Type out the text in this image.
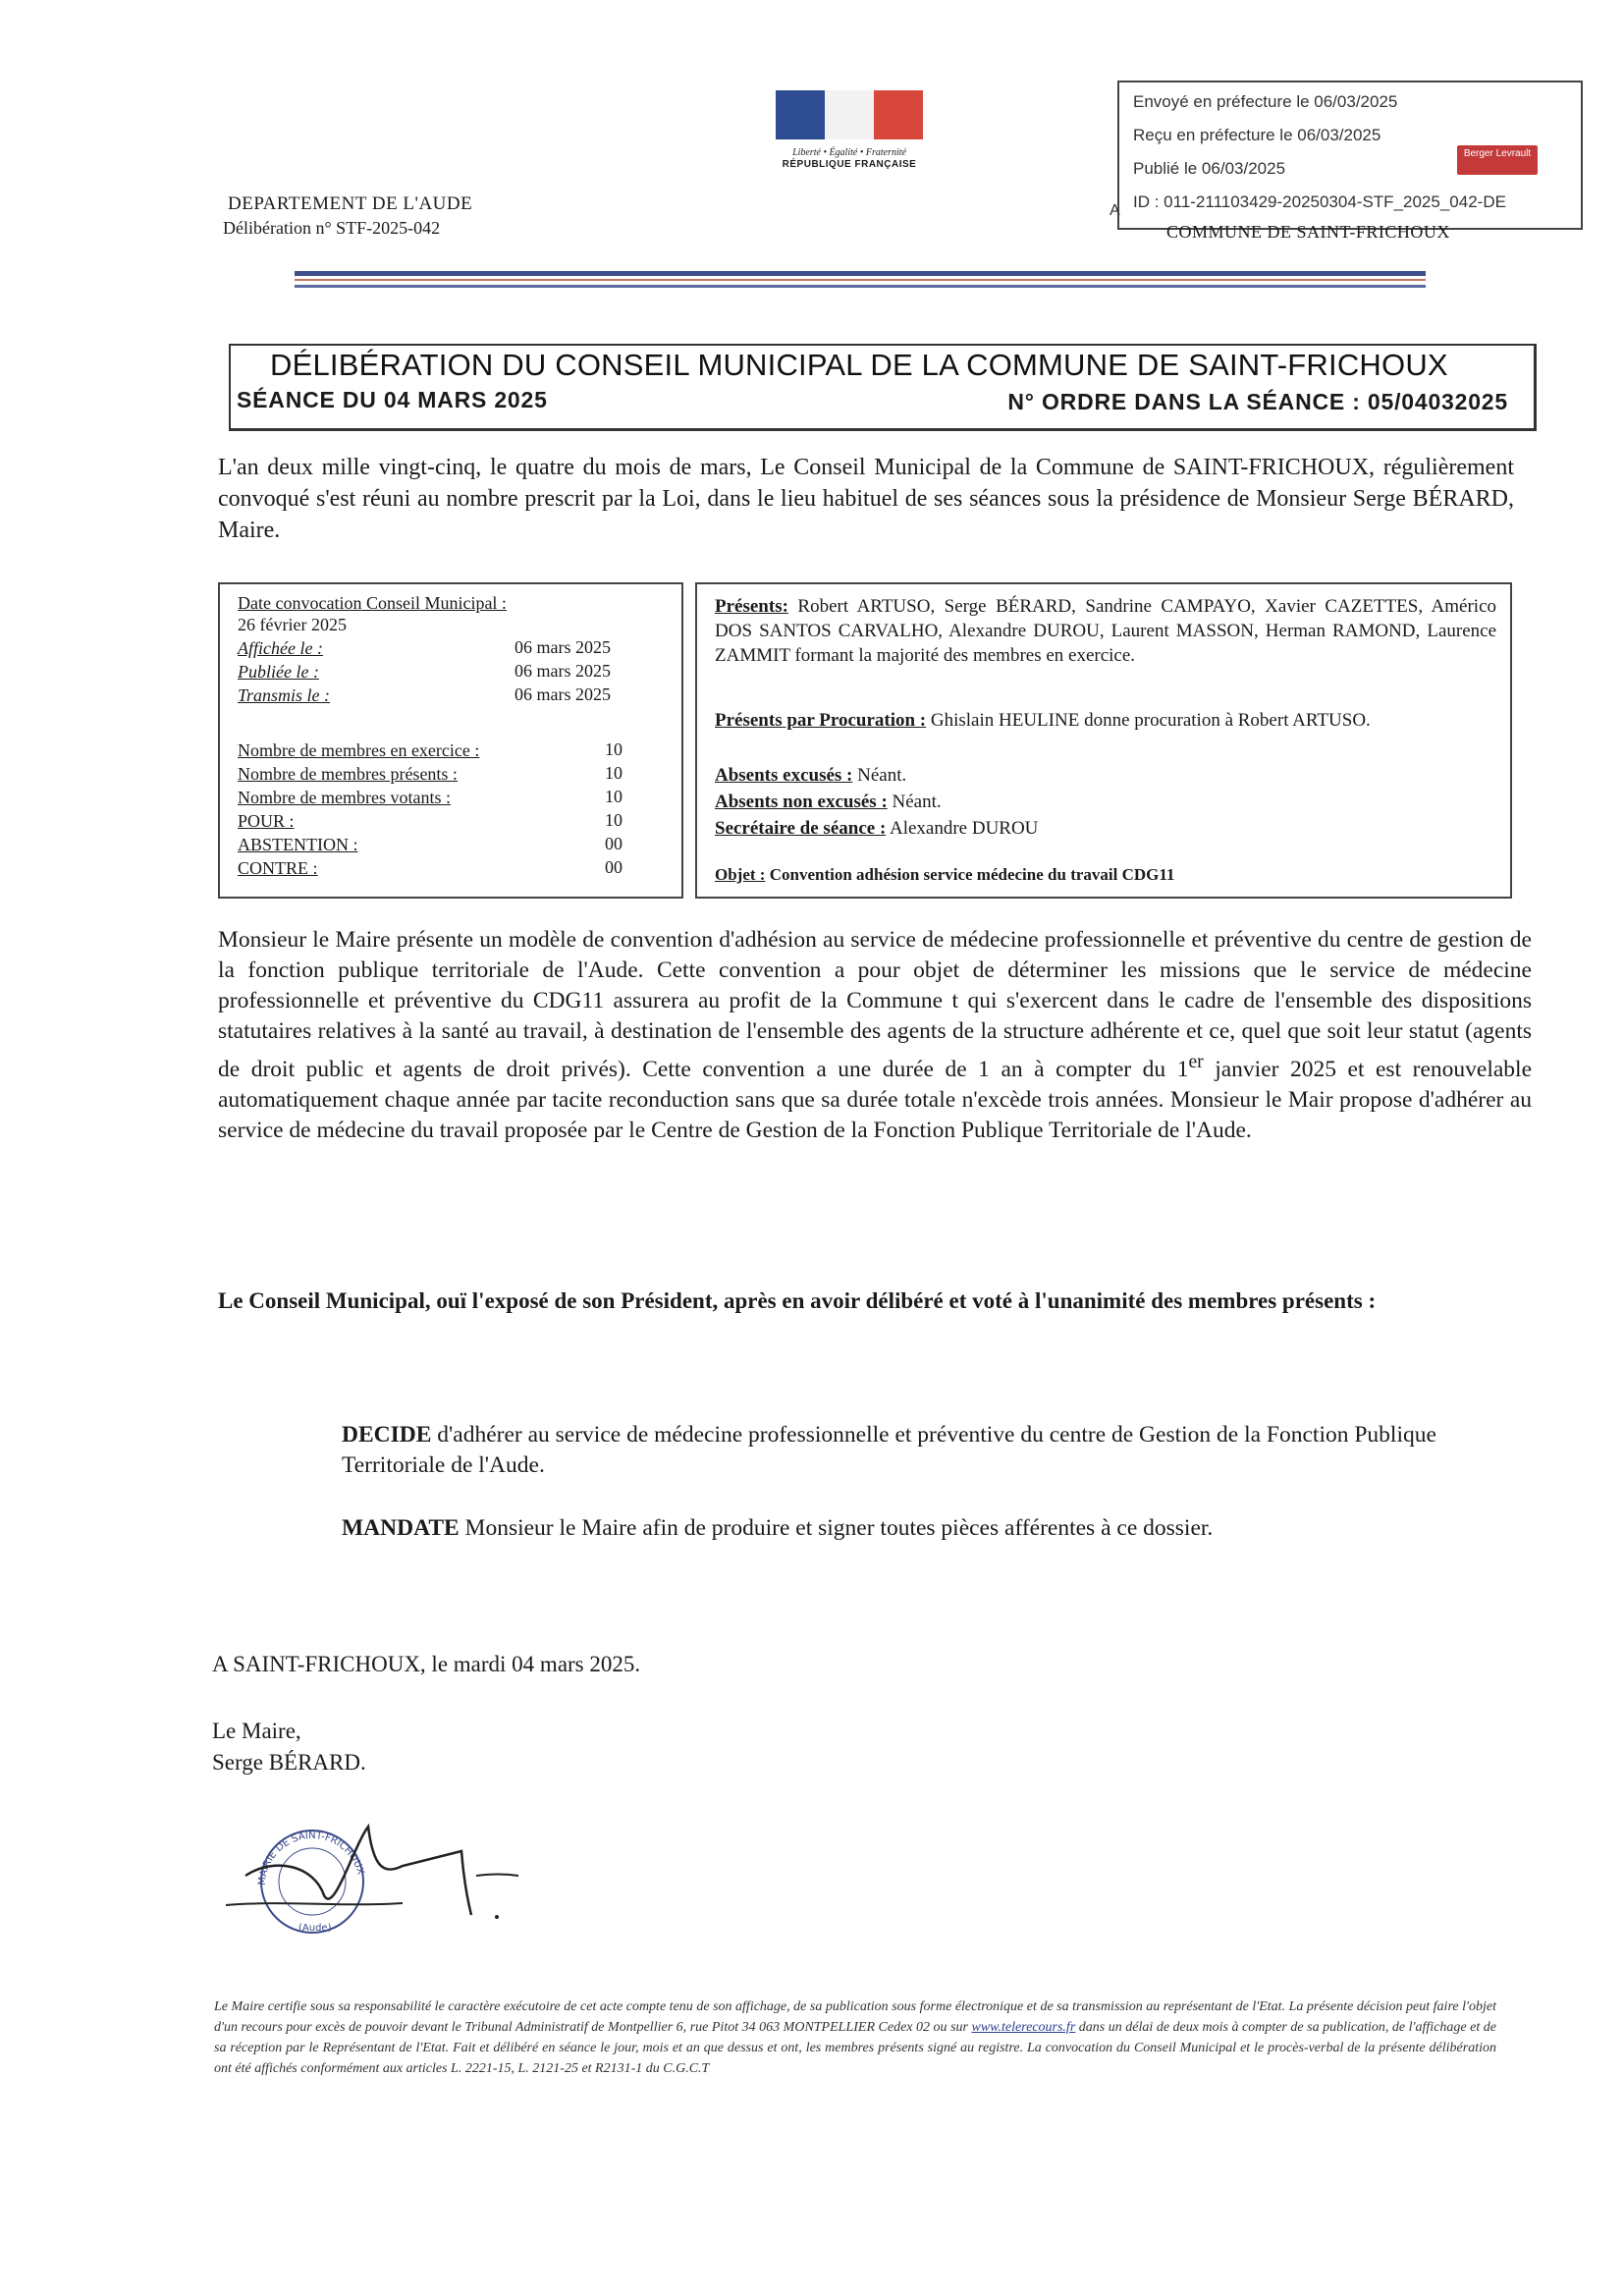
Liberté • Égalité • Fraternité
RÉPUBLIQUE FRANÇAISE
Envoyé en préfecture le 06/03/2025
Reçu en préfecture le 06/03/2025
Publié le 06/03/2025
ID : 011-211103429-20250304-STF_2025_042-DE
Berger Levrault
A
DEPARTEMENT DE L'AUDE
Délibération n° STF-2025-042	COMMUNE DE SAINT-FRICHOUX
DÉLIBÉRATION DU CONSEIL MUNICIPAL DE LA COMMUNE DE SAINT-FRICHOUX
SÉANCE DU 04 MARS 2025	N° ORDRE DANS LA SÉANCE : 05/04032025
L'an deux mille vingt-cinq, le quatre du mois de mars, Le Conseil Municipal de la Commune de SAINT-FRICHOUX, régulièrement convoqué s'est réuni au nombre prescrit par la Loi, dans le lieu habituel de ses séances sous la présidence de Monsieur Serge BÉRARD, Maire.
Date convocation Conseil Municipal :
26 février 2025
Affichée le :	06 mars 2025
Publiée le :	06 mars 2025
Transmis le :	06 mars 2025
Nombre de membres en exercice :	10
Nombre de membres présents :	10
Nombre de membres votants :	10
POUR :	10
ABSTENTION :	00
CONTRE :	00
Présents: Robert ARTUSO, Serge BÉRARD, Sandrine CAMPAYO, Xavier CAZETTES, Américo DOS SANTOS CARVALHO, Alexandre DUROU, Laurent MASSON, Herman RAMOND, Laurence ZAMMIT formant la majorité des membres en exercice.
Présents par Procuration : Ghislain HEULINE donne procuration à Robert ARTUSO.
Absents excusés : Néant.
Absents non excusés : Néant.
Secrétaire de séance : Alexandre DUROU
Objet : Convention adhésion service médecine du travail CDG11
Monsieur le Maire présente un modèle de convention d'adhésion au service de médecine professionnelle et préventive du centre de gestion de la fonction publique territoriale de l'Aude. Cette convention a pour objet de déterminer les missions que le service de médecine professionnelle et préventive du CDG11 assurera au profit de la Commune t qui s'exercent dans le cadre de l'ensemble des dispositions statutaires relatives à la santé au travail, à destination de l'ensemble des agents de la structure adhérente et ce, quel que soit leur statut (agents de droit public et agents de droit privés). Cette convention a une durée de 1 an à compter du 1er janvier 2025 et est renouvelable automatiquement chaque année par tacite reconduction sans que sa durée totale n'excède trois années. Monsieur le Mair propose d'adhérer au service de médecine du travail proposée par le Centre de Gestion de la Fonction Publique Territoriale de l'Aude.
Le Conseil Municipal, ouï l'exposé de son Président, après en avoir délibéré et voté à l'unanimité des membres présents :
DECIDE d'adhérer au service de médecine professionnelle et préventive du centre de Gestion de la Fonction Publique Territoriale de l'Aude.
MANDATE Monsieur le Maire afin de produire et signer toutes pièces afférentes à ce dossier.
A SAINT-FRICHOUX, le mardi 04 mars 2025.
Le Maire,
Serge BÉRARD.
MAIRIE DE SAINT-FRICHOUX
(Aude)
Le Maire certifie sous sa responsabilité le caractère exécutoire de cet acte compte tenu de son affichage, de sa publication sous forme électronique et de sa transmission au représentant de l'Etat. La présente décision peut faire l'objet d'un recours pour excès de pouvoir devant le Tribunal Administratif de Montpellier 6, rue Pitot 34 063 MONTPELLIER Cedex 02 ou sur www.telerecours.fr dans un délai de deux mois à compter de sa publication, de l'affichage et de sa réception par le Représentant de l'Etat. Fait et délibéré en séance le jour, mois et an que dessus et ont, les membres présents signé au registre. La convocation du Conseil Municipal et le procès-verbal de la présente délibération ont été affichés conformément aux articles L. 2221-15, L. 2121-25 et R2131-1 du C.G.C.T
